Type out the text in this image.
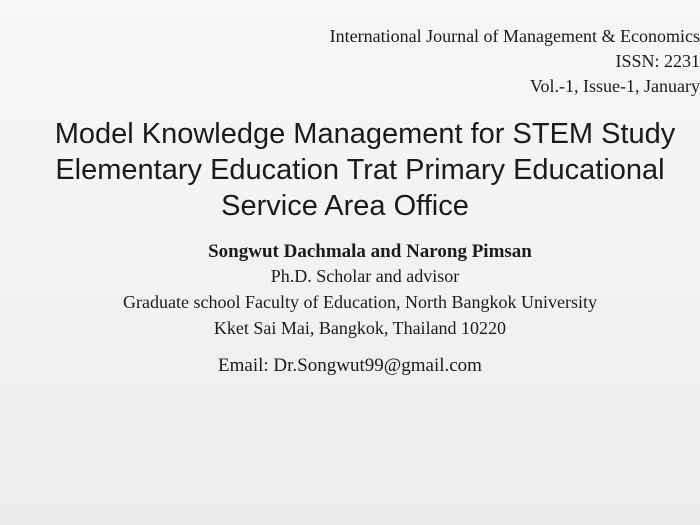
International Journal of Management & Economics
ISSN: 2231
Vol.-1, Issue-1, January
Model Knowledge Management for STEM Study
Elementary Education Trat Primary Educational
Service Area Office
Songwut Dachmala and Narong Pimsan
Ph.D. Scholar and advisor
Graduate school Faculty of Education, North Bangkok University
Kket Sai Mai, Bangkok, Thailand 10220
Email: Dr.Songwut99@gmail.com
